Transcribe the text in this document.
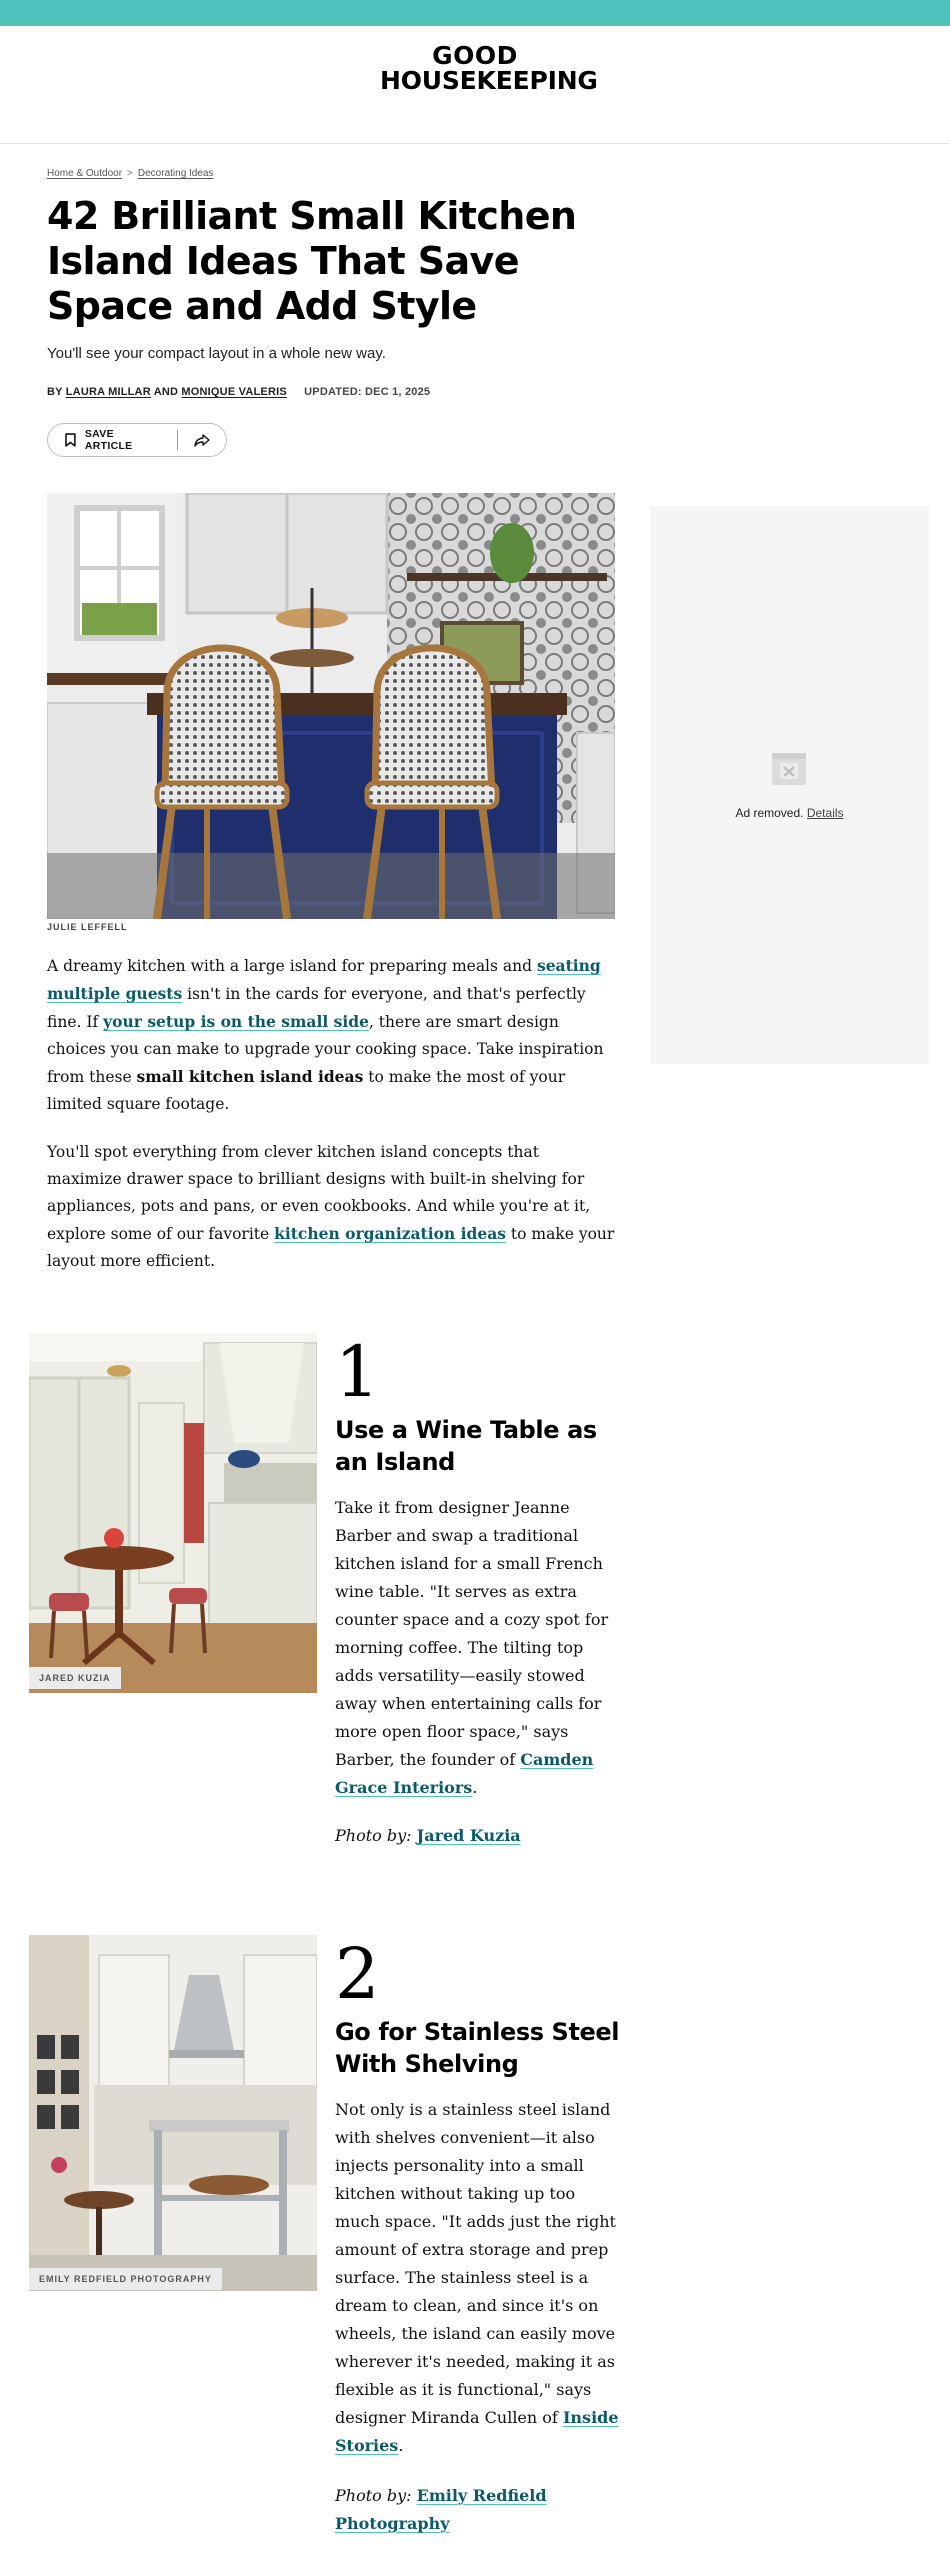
GOOD
HOUSEKEEPING
Home & Outdoor > Decorating Ideas
42 Brilliant Small Kitchen Island Ideas That Save Space and Add Style

You'll see your compact layout in a whole new way.

BY LAURA MILLAR AND MONIQUE VALERIS UPDATED: DEC 1, 2025
SAVE ARTICLE
JULIE LEFFELL
Ad removed. Details

A dreamy kitchen with a large island for preparing meals and seating multiple guests isn't in the cards for everyone, and that's perfectly fine. If your setup is on the small side, there are smart design choices you can make to upgrade your cooking space. Take inspiration from these small kitchen island ideas to make the most of your limited square footage.

You'll spot everything from clever kitchen island concepts that maximize drawer space to brilliant designs with built-in shelving for appliances, pots and pans, or even cookbooks. And while you're at it, explore some of our favorite kitchen organization ideas to make your layout more efficient.

JARED KUZIA
1
Use a Wine Table as an Island

Take it from designer Jeanne Barber and swap a traditional kitchen island for a small French wine table. "It serves as extra counter space and a cozy spot for morning coffee. The tilting top adds versatility—easily stowed away when entertaining calls for more open floor space," says Barber, the founder of Camden Grace Interiors.

Photo by: Jared Kuzia

EMILY REDFIELD PHOTOGRAPHY
2
Go for Stainless Steel With Shelving

Not only is a stainless steel island with shelves convenient—it also injects personality into a small kitchen without taking up too much space. "It adds just the right amount of extra storage and prep surface. The stainless steel is a dream to clean, and since it's on wheels, the island can easily move wherever it's needed, making it as flexible as it is functional," says designer Miranda Cullen of Inside Stories.

Photo by: Emily Redfield Photography
